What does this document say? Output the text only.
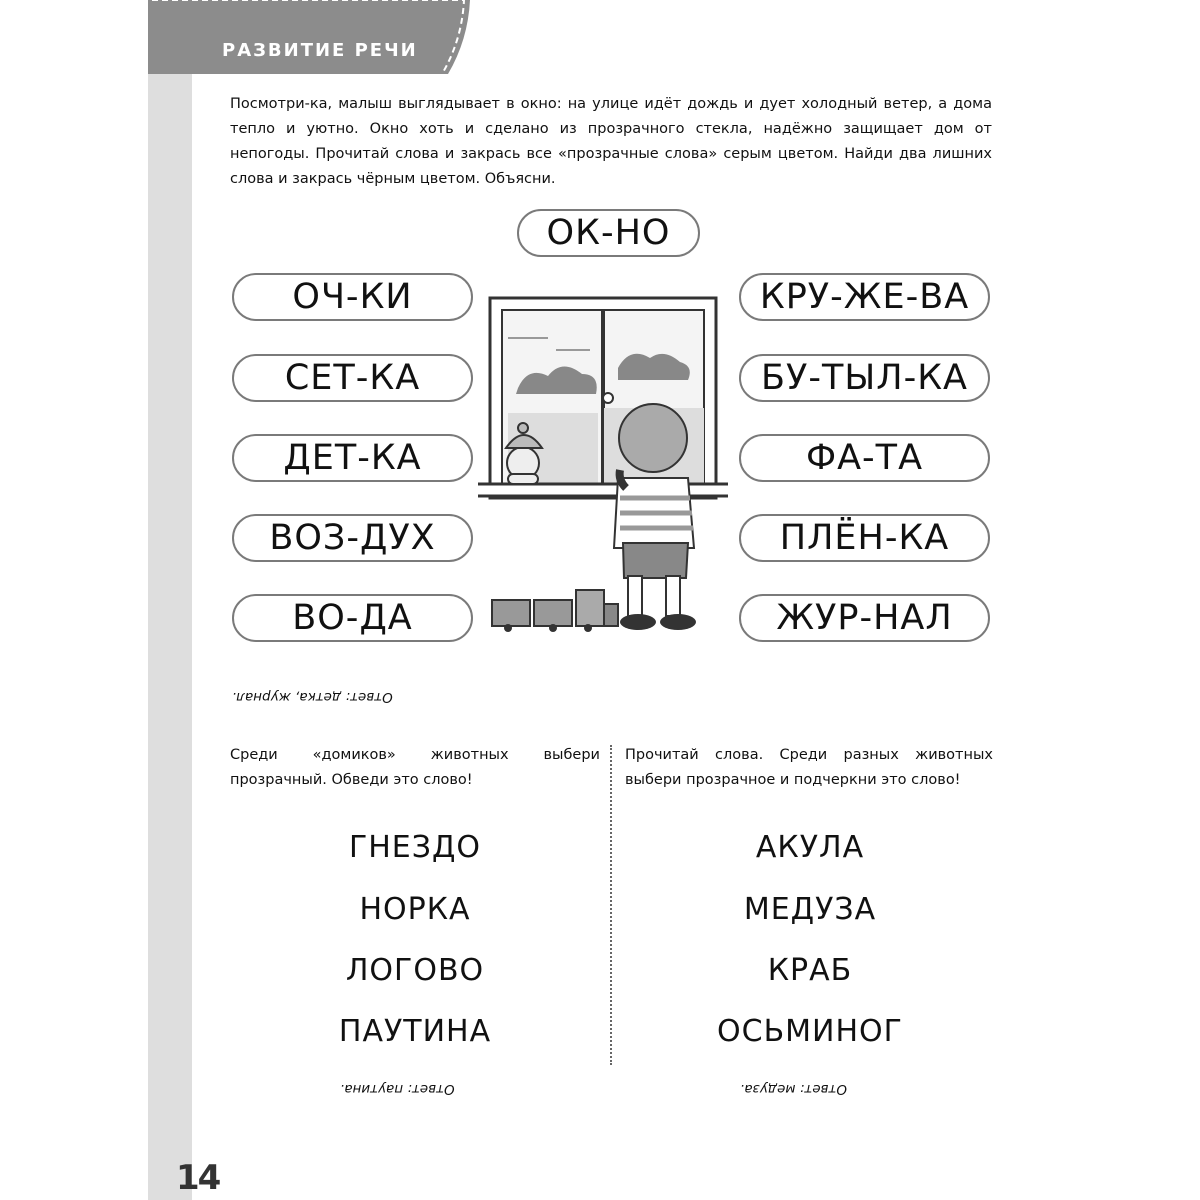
РАЗВИТИЕ РЕЧИ
Посмотри-ка, малыш выглядывает в окно: на улице идёт дождь и дует холодный ветер, а дома тепло и уютно. Окно хоть и сделано из прозрачного стекла, надёжно защищает дом от непогоды. Прочитай слова и закрась все «прозрачные слова» серым цветом. Найди два лишних слова и закрась чёрным цветом. Объясни.
ОК-НО
ОЧ-КИ
СЕТ-КА
ДЕТ-КА
ВОЗ-ДУХ
ВО-ДА
КРУ-ЖЕ-ВА
БУ-ТЫЛ-КА
ФА-ТА
ПЛЁН-КА
ЖУР-НАЛ
Ответ: детка, журнал.
Среди «домиков» животных выбери прозрачный. Обведи это слово!
Прочитай слова. Среди разных животных выбери прозрачное и подчеркни это слово!
ГНЕЗДО
НОРКА
ЛОГОВО
ПАУТИНА
АКУЛА
МЕДУЗА
КРАБ
ОСЬМИНОГ
Ответ: паутина.	Ответ: медуза.
14
